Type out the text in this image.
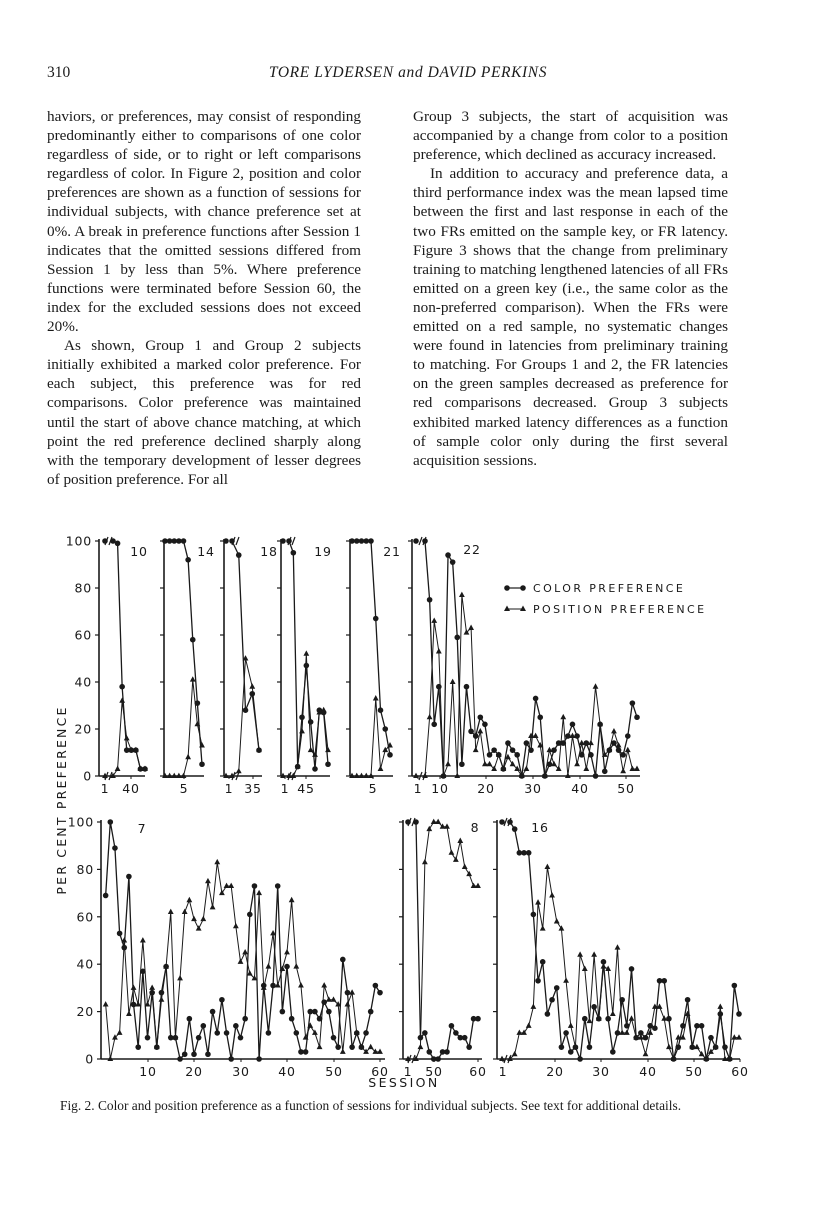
310	TORE LYDERSEN and DAVID PERKINS

haviors, or preferences, may consist of responding predominantly either to comparisons of one color regardless of side, or to right or left comparisons regardless of color. In Figure 2, position and color preferences are shown as a function of sessions for individual subjects, with chance preference set at 0%. A break in preference functions after Session 1 indicates that the omitted sessions differed from Session 1 by less than 5%. Where preference functions were terminated before Session 60, the index for the excluded sessions does not exceed 20%.

As shown, Group 1 and Group 2 subjects initially exhibited a marked color preference. For each subject, this preference was for red comparisons. Color preference was maintained until the start of above chance matching, at which point the red preference declined sharply along with the temporary development of lesser degrees of position preference. For all

Group 3 subjects, the start of acquisition was accompanied by a change from color to a position preference, which declined as accuracy increased.

In addition to accuracy and preference data, a third performance index was the mean lapsed time between the first and last response in each of the two FRs emitted on the sample key, or FR latency. Figure 3 shows that the change from preliminary training to matching lengthened latencies of all FRs emitted on a green key (i.e., the same color as the non-preferred comparison). When the FRs were emitted on a red sample, no systematic changes were found in latencies from preliminary training to matching. For Groups 1 and 2, the FR latencies on the green samples decreased as preference for red comparisons decreased. Group 3 subjects exhibited marked latency differences as a function of sample color only during the first several acquisition sessions.

0
20
40
60
80
100
1 40
10
5
14
1 35
18
1 45
19
5
21
1 10 20 30 40 50
22
0
20
40
60
80
100
10 20 30 40 50 60
7
1 50 60
8
1	20 30 40 50 60
16
COLOR PREFERENCE
POSITION PREFERENCE
PER CENT PREFERENCE
SESSION
Fig. 2. Color and position preference as a function of sessions for individual subjects. See text for additional details.
